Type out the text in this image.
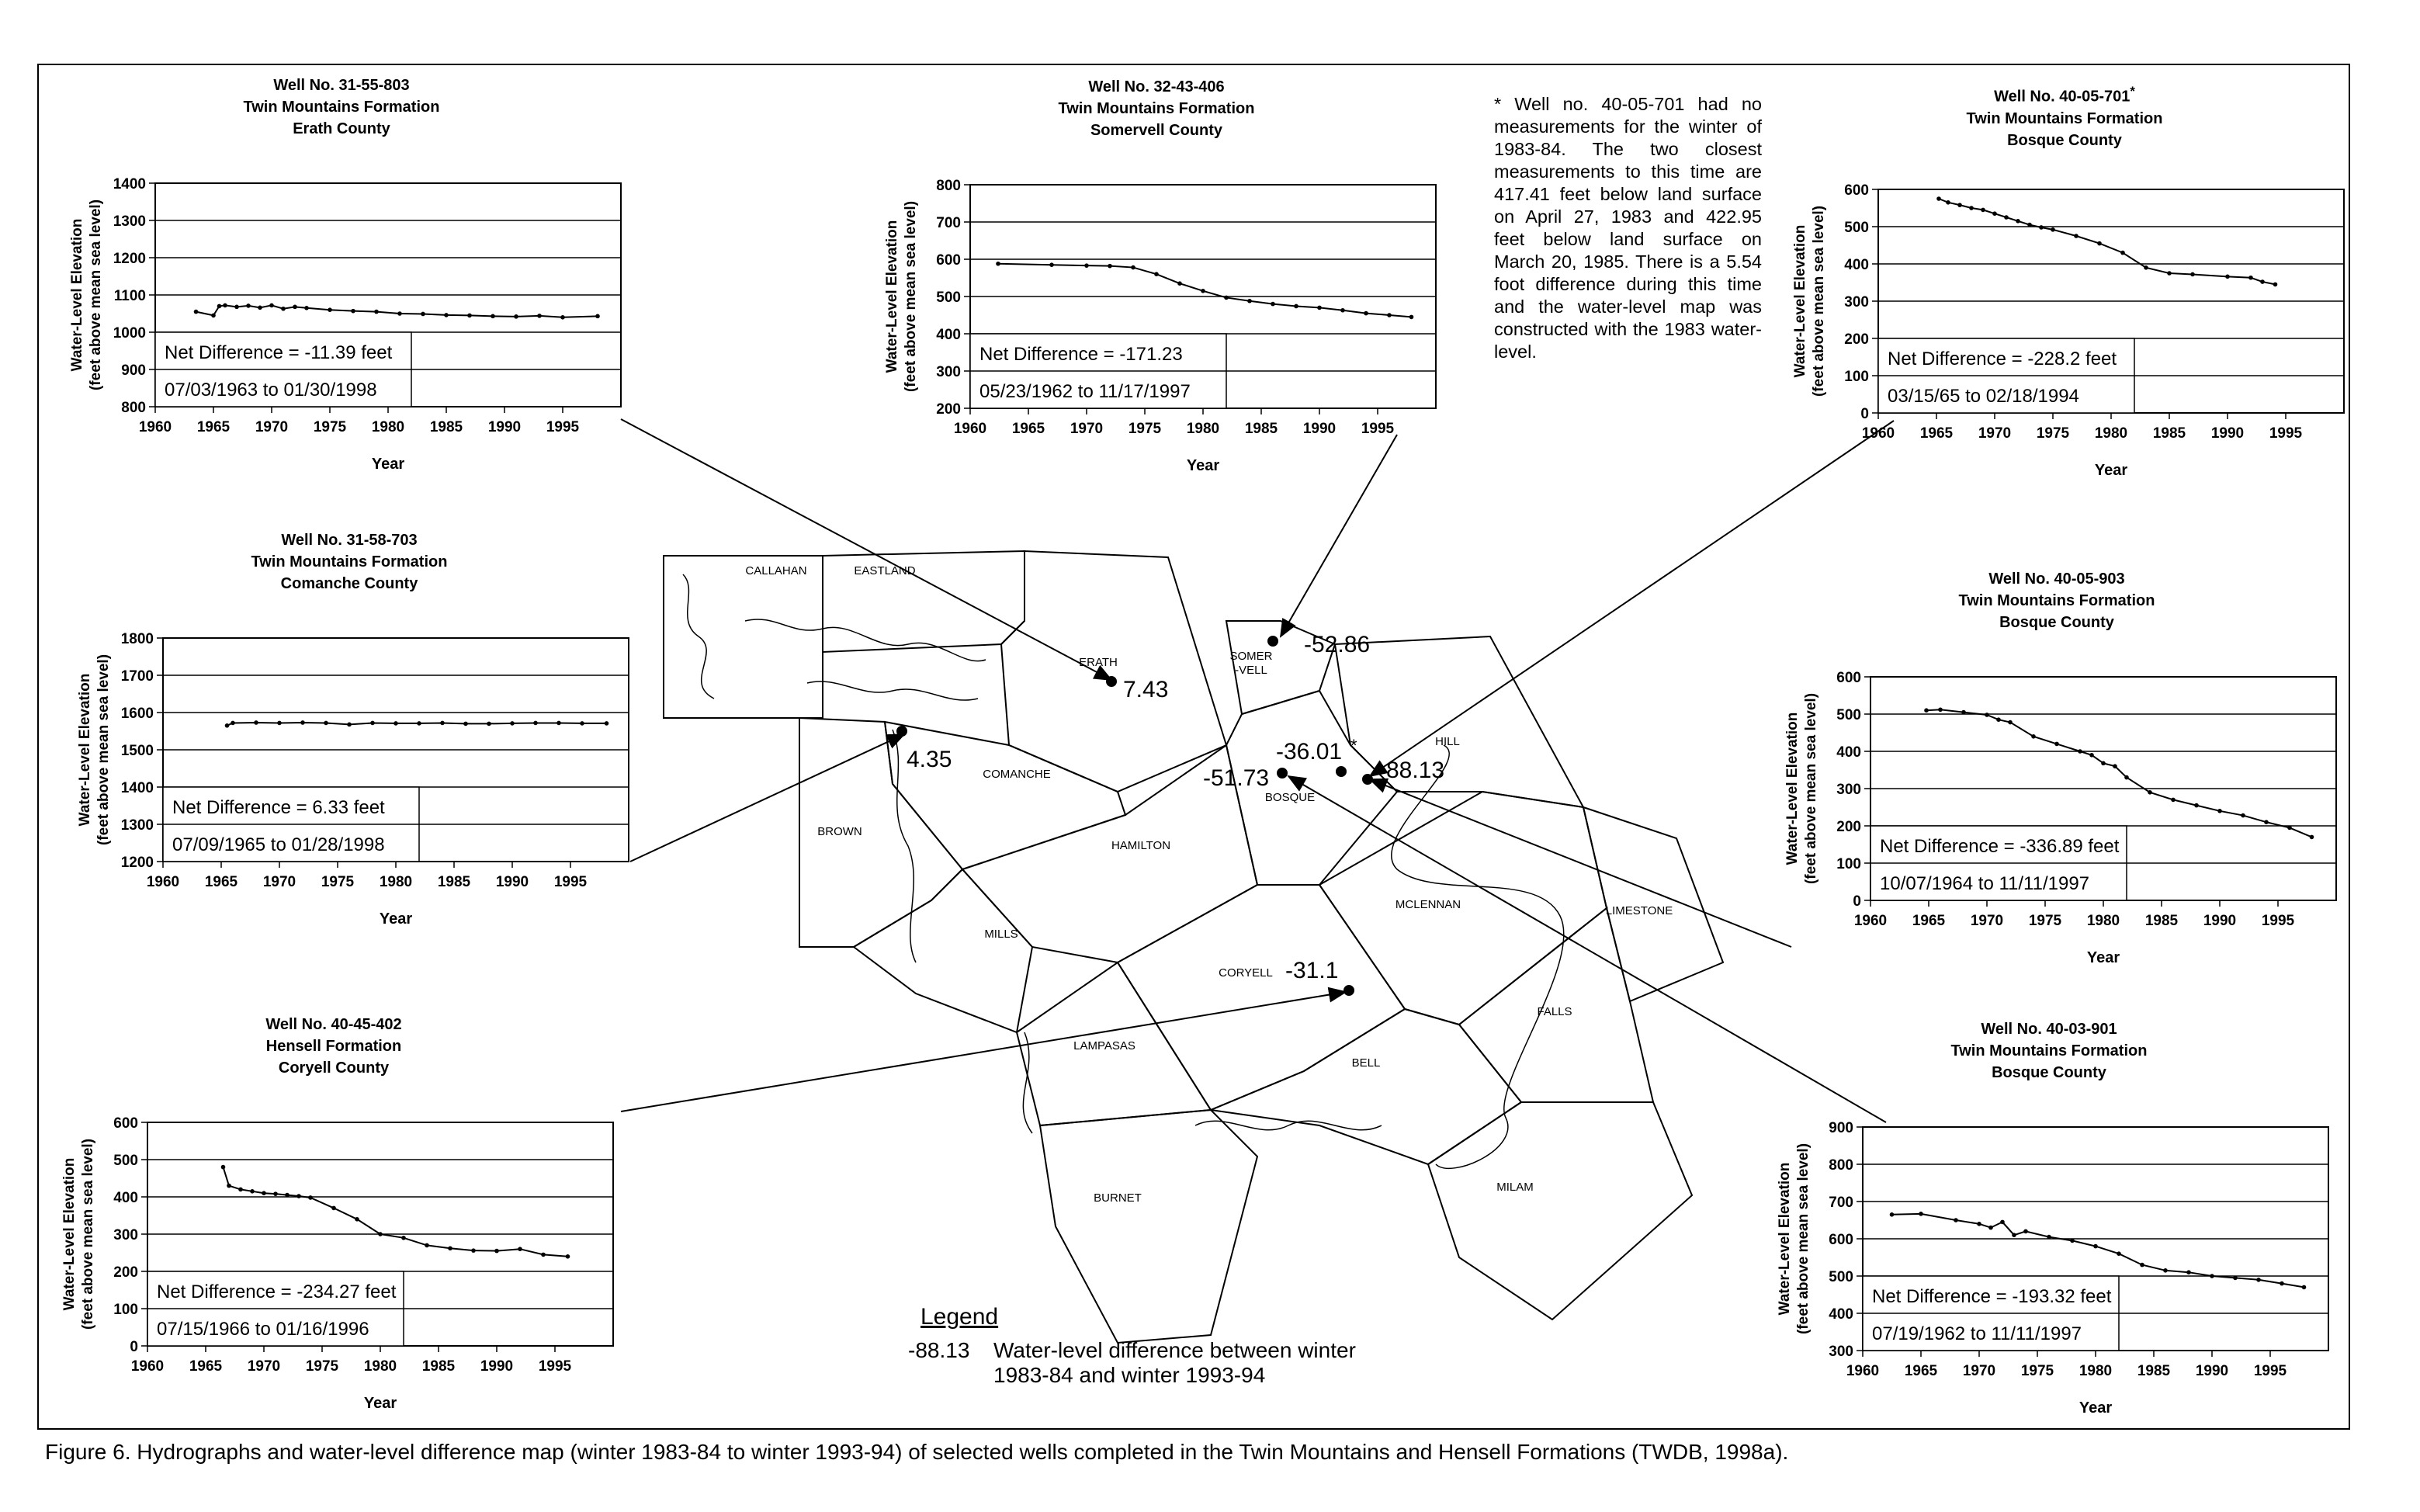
Well No. 31-55-803
Twin Mountains Formation
Erath County
800
900
1000
1100
1200
1300
1400
1960 1965 1970 1975 1980 1985 1990 1995
Year
Water-Level Elevation (feet above mean sea level)	Net Difference = -11.39 feet
07/03/1963 to 01/30/1998
Well No. 32-43-406
Twin Mountains Formation
Somervell County
200
300
400
500
600
700
800
1960 1965 1970 1975 1980 1985 1990 1995
Year
Water-Level Elevation (feet above mean sea level)	Net Difference = -171.23
05/23/1962 to 11/17/1997
Well No. 40-05-701*
Twin Mountains Formation
Bosque County
0
100
200
300
400
500
600
1960 1965 1970 1975 1980 1985 1990 1995
Year
Water-Level Elevation (feet above mean sea level)	Net Difference = -228.2 feet
03/15/65 to 02/18/1994
Well No. 31-58-703
Twin Mountains Formation
Comanche County
1200
1300
1400
1500
1600
1700
1800
1960 1965 1970 1975 1980 1985 1990 1995
Year
Water-Level Elevation (feet above mean sea level)	Net Difference = 6.33 feet
07/09/1965 to 01/28/1998
Well No. 40-05-903
Twin Mountains Formation
Bosque County
0
100
200
300
400
500
600
1960 1965 1970 1975 1980 1985 1990 1995
Year
Water-Level Elevation (feet above mean sea level)	Net Difference = -336.89 feet
10/07/1964 to 11/11/1997
Well No. 40-45-402
Hensell Formation
Coryell County
0
100
200
300
400
500
600
1960 1965 1970 1975 1980 1985 1990 1995
Year
Water-Level Elevation (feet above mean sea level)	Net Difference = -234.27 feet
07/15/1966 to 01/16/1996
Well No. 40-03-901
Twin Mountains Formation
Bosque County
300
400
500
600
700
800
900
1960 1965 1970 1975 1980 1985 1990 1995
Year
Water-Level Elevation (feet above mean sea level)	Net Difference = -193.32 feet
07/19/1962 to 11/11/1997
* Well no. 40-05-701 had no measurements for the winter of 1983-84. The two closest measurements to this time are 417.41 feet below land surface on April 27, 1983 and 422.95 feet below land surface on March 20, 1985. There is a 5.54 foot difference during this time and the water-level map was constructed with the 1983 water-level.
CALLAHAN	EASTLAND
ERATH	SOMER -VELL
HILL
COMANCHE
BROWN
HAMILTON
BOSQUE
MILLS
CORYELL
MCLENNAN	LIMESTONE
FALLS
LAMPASAS
BELL
BURNET
MILAM
7.43
-52.86
4.35	-36.01 *
-88.13
-51.73
-31.1
Legend
-88.13	Water-level difference between winter
1983-84 and winter 1993-94
Figure 6. Hydrographs and water-level difference map (winter 1983-84 to winter 1993-94) of selected wells completed in the Twin Mountains and Hensell Formations (TWDB, 1998a).
